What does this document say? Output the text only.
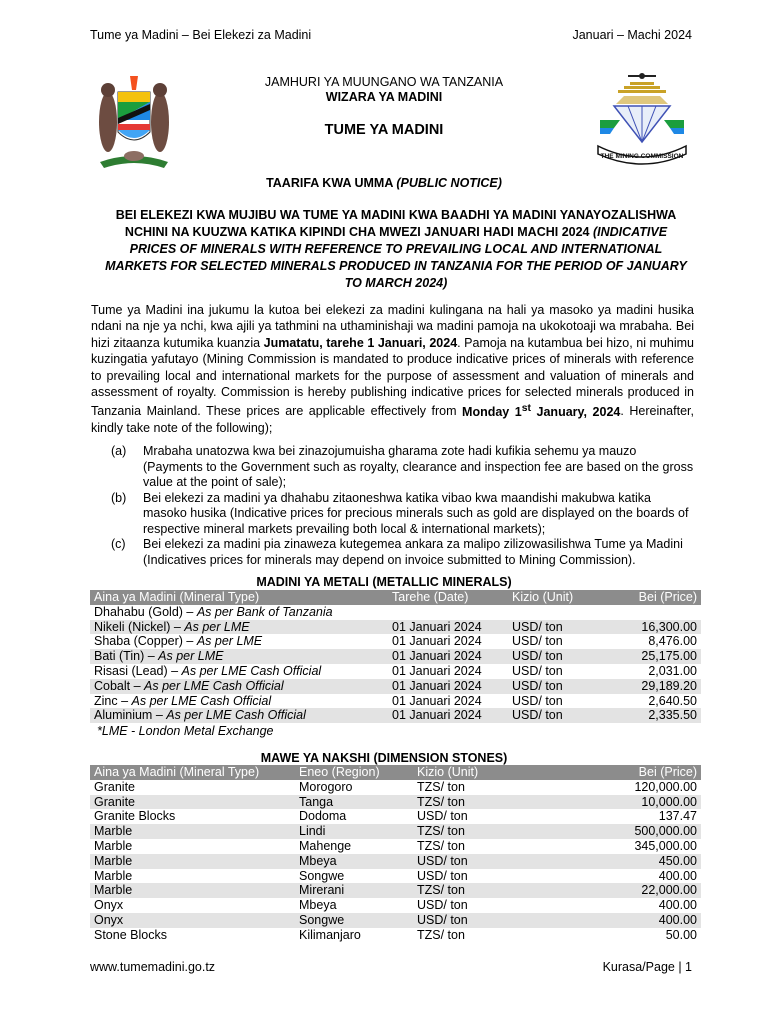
Tume ya Madini – Bei Elekezi za Madini	Januari – Machi 2024
THE MINING COMMISSION
JAMHURI YA MUUNGANO WA TANZANIA
WIZARA YA MADINI
TUME YA MADINI
TAARIFA KWA UMMA (PUBLIC NOTICE)
BEI ELEKEZI KWA MUJIBU WA TUME YA MADINI KWA BAADHI YA MADINI YANAYOZALISHWA NCHINI NA KUUZWA KATIKA KIPINDI CHA MWEZI JANUARI HADI MACHI 2024 (INDICATIVE PRICES OF MINERALS WITH REFERENCE TO PREVAILING LOCAL AND INTERNATIONAL MARKETS FOR SELECTED MINERALS PRODUCED IN TANZANIA FOR THE PERIOD OF JANUARY TO MARCH 2024)
Tume ya Madini ina jukumu la kutoa bei elekezi za madini kulingana na hali ya masoko ya madini husika ndani na nje ya nchi, kwa ajili ya tathmini na uthaminishaji wa madini pamoja na ukokotoaji wa mrabaha. Bei hizi zitaanza kutumika kuanzia Jumatatu, tarehe 1 Januari, 2024. Pamoja na kutambua bei hizo, ni muhimu kuzingatia yafutayo (Mining Commission is mandated to produce indicative prices of minerals with reference to prevailing local and international markets for the purpose of assessment and valuation of minerals and assessment of royalty. Commission is hereby publishing indicative prices for selected minerals produced in Tanzania Mainland. These prices are applicable effectively from Monday 1st January, 2024. Hereinafter, kindly take note of the following);
(a)	Mrabaha unatozwa kwa bei zinazojumuisha gharama zote hadi kufikia sehemu ya mauzo (Payments to the Government such as royalty, clearance and inspection fee are based on the gross value at the point of sale);
(b)	Bei elekezi za madini ya dhahabu zitaoneshwa katika vibao kwa maandishi makubwa katika masoko husika (Indicative prices for precious minerals such as gold are displayed on the boards of respective mineral markets prevailing both local & international markets);
(c)	Bei elekezi za madini pia zinaweza kutegemea ankara za malipo zilizowasilishwa Tume ya Madini (Indicatives prices for minerals may depend on invoice submitted to Mining Commission).
MADINI YA METALI (METALLIC MINERALS)
Aina ya Madini (Mineral Type)	Tarehe (Date)	Kizio (Unit)	Bei (Price)
Dhahabu (Gold) – As per Bank of Tanzania			
Nikeli (Nickel) – As per LME	01 Januari 2024	USD/ ton	16,300.00
Shaba (Copper) – As per LME	01 Januari 2024	USD/ ton	8,476.00
Bati (Tin) – As per LME	01 Januari 2024	USD/ ton	25,175.00
Risasi (Lead) – As per LME Cash Official	01 Januari 2024	USD/ ton	2,031.00
Cobalt – As per LME Cash Official	01 Januari 2024	USD/ ton	29,189.20
Zinc – As per LME Cash Official	01 Januari 2024	USD/ ton	2,640.50
Aluminium – As per LME Cash Official	01 Januari 2024	USD/ ton	2,335.50
*LME - London Metal Exchange
MAWE YA NAKSHI (DIMENSION STONES)
Aina ya Madini (Mineral Type)	Eneo (Region)	Kizio (Unit)	Bei (Price)
Granite	Morogoro	TZS/ ton	120,000.00
Granite	Tanga	TZS/ ton	10,000.00
Granite Blocks	Dodoma	USD/ ton	137.47
Marble	Lindi	TZS/ ton	500,000.00
Marble	Mahenge	TZS/ ton	345,000.00
Marble	Mbeya	USD/ ton	450.00
Marble	Songwe	USD/ ton	400.00
Marble	Mirerani	TZS/ ton	22,000.00
Onyx	Mbeya	USD/ ton	400.00
Onyx	Songwe	USD/ ton	400.00
Stone Blocks	Kilimanjaro	TZS/ ton	50.00
www.tumemadini.go.tz	Kurasa/Page | 1
